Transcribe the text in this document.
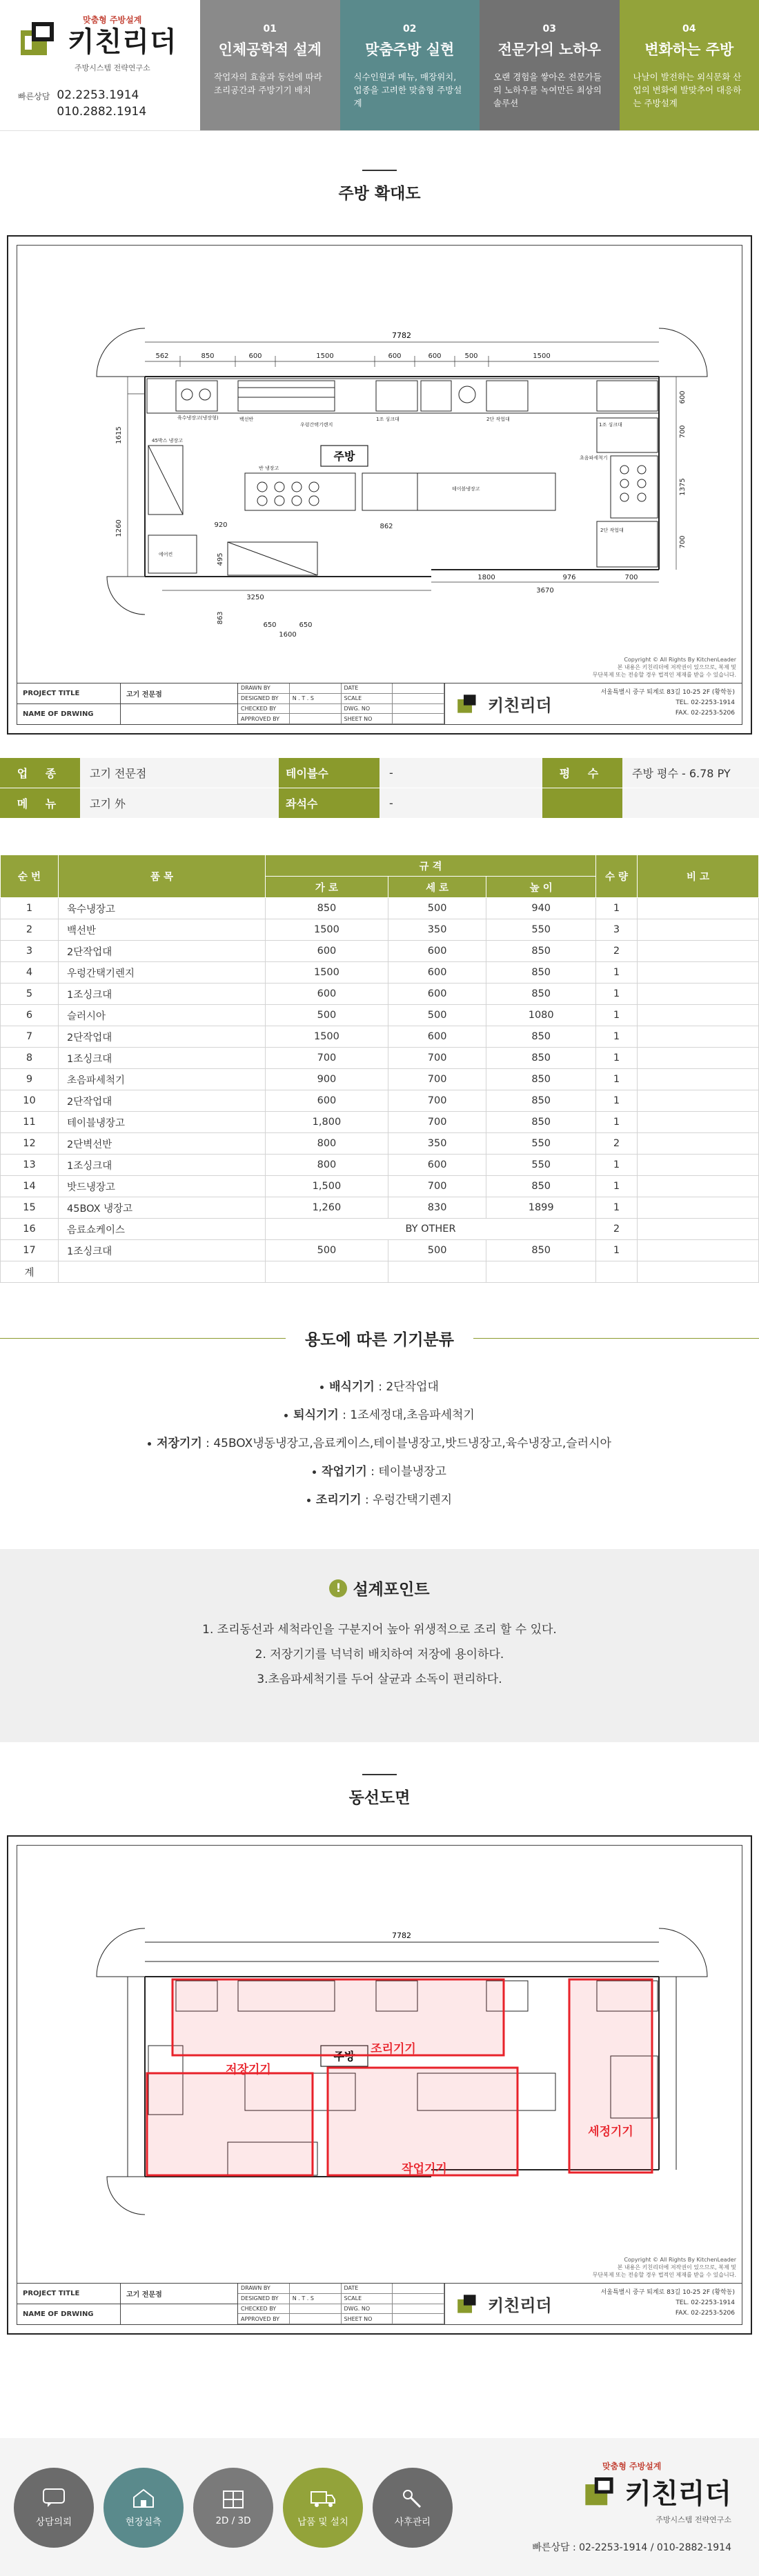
키친리더
맞춤형 주방설계
주방시스템 전략연구소
빠른상담 02.2253.1914
010.2882.1914
01
인체공학적 설계
작업자의 효율과 동선에 따라 조리공간과 주방기기 배치
02
맞춤주방 실현
식수인원과 메뉴, 매장위치, 업종을 고려한 맞춤형 주방설계
03
전문가의 노하우
오랜 경험을 쌓아온 전문가들의 노하우를 녹여만든 최상의 솔루션
04
변화하는 주방
나날이 발전하는 외식문화 산업의 변화에 발맞추어 대응하는 주방설계
주방 확대도
7782
562	850	600	1500	600	600	500	1500
1615
1260
600
700
1375
700
3250
650	650
1600
1800	976	700
3670
862
920
495
863
주방
육수냉장고(냉장형)	백선반
우렁간택기렌지
1조 싱크대	2단 작업대
1조 싱크대
초음파세척기
2단 작업대
테이블냉장고
45박스 냉장고
반 냉장고
에어컨
Copyright © All Rights By KitchenLeader
본 내용은 키친리더에 저작권이 있으므로, 복제 및
무단복제 또는 전송할 경우 법적인 제재를 받을 수 있습니다.
PROJECT TITLE
NAME OF DRWING
고기 전문점
DRAWN BY	DATE
DESIGNED BY	N . T . S	SCALE
CHECKED BY	DWG. NO
APPROVED BY	SHEET NO
키친리더
서울특별시 중구 퇴계로 83길 10-25 2F (황학동)
TEL. 02-2253-1914
FAX. 02-2253-5206
업 종	고기 전문점	테이블수	-	평 수	주방 평수 - 6.78 PY
메 뉴	고기 外	좌석수	-
순 번	품 목	규 격			수 량	비 고
		가 로	세 로	높 이		
1	육수냉장고	850	500	940	1	
2	백선반	1500	350	550	3	
3	2단작업대	600	600	850	2	
4	우렁간택기렌지	1500	600	850	1	
5	1조싱크대	600	600	850	1	
6	슬러시아	500	500	1080	1	
7	2단작업대	1500	600	850	1	
8	1조싱크대	700	700	850	1	
9	초음파세척기	900	700	850	1	
10	2단작업대	600	700	850	1	
11	테이블냉장고	1,800	700	850	1	
12	2단벽선반	800	350	550	2	
13	1조싱크대	800	600	550	1	
14	밧드냉장고	1,500	700	850	1	
15	45BOX 냉장고	1,260	830	1899	1	
16	음료쇼케이스	BY OTHER			2	
17	1조싱크대	500	500	850	1	
계						
용도에 따른 기기분류
배식기기 : 2단작업대
퇴식기기 : 1조세정대,초음파세척기
저장기기 : 45BOX냉동냉장고,음료케이스,테이블냉장고,밧드냉장고,육수냉장고,슬러시아
작업기기 : 테이블냉장고
조리기기 : 우렁간택기렌지
! 설계포인트
1. 조리동선과 세척라인을 구분지어 높아 위생적으로 조리 할 수 있다.
2. 저장기기를 넉넉히 배치하여 저장에 용이하다.
3.초음파세척기를 두어 살균과 소독이 편리하다.
동선도면
7782
주방
조리기기
저장기기
세정기기
작업기기
Copyright © All Rights By KitchenLeader
본 내용은 키친리더에 저작권이 있으므로, 복제 및
무단복제 또는 전송할 경우 법적인 제재를 받을 수 있습니다.
PROJECT TITLE
NAME OF DRWING
고기 전문점
DRAWN BY	DATE
DESIGNED BY	N . T . S	SCALE
CHECKED BY	DWG. NO
APPROVED BY	SHEET NO
키친리더
서울특별시 중구 퇴계로 83길 10-25 2F (황학동)
TEL. 02-2253-1914
FAX. 02-2253-5206
상담의뢰	현장실측	2D / 3D	납품 및 설치	사후관리
맞춤형 주방설계
키친리더
주방시스템 전략연구소
빠른상담 : 02-2253-1914 / 010-2882-1914
